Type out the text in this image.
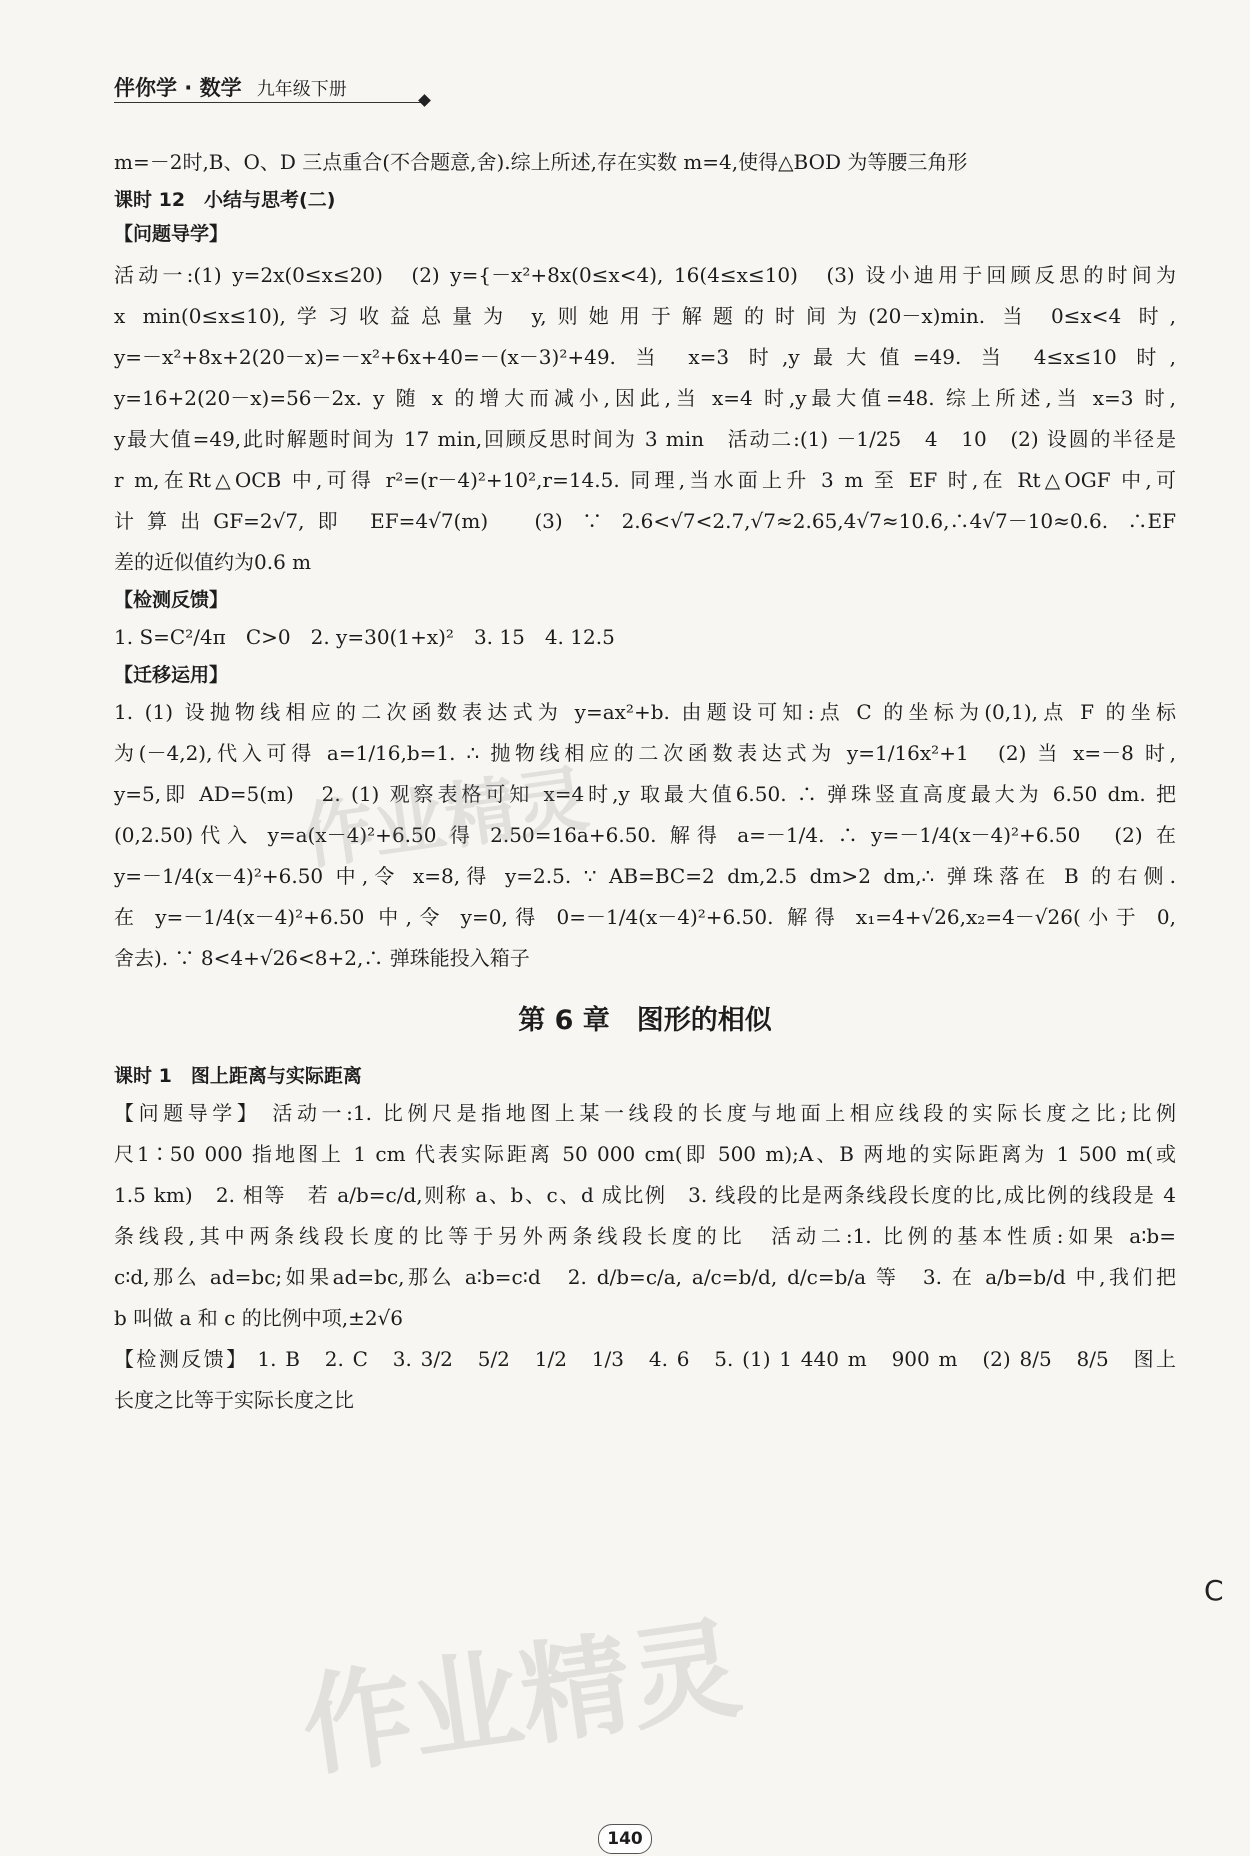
伴你学 · 数学 九年级下册

m=－2时,B、O、D 三点重合(不合题意,舍).综上所述,存在实数 m=4,使得△BOD 为等腰三角形

课时 12　小结与思考(二)

【问题导学】

活动一:(1) y=2x(0≤x≤20)　(2) y={－x²+8x(0≤x<4), 16(4≤x≤10)　(3) 设小迪用于回顾反思的时间为

x min(0≤x≤10),学习收益总量为 y,则她用于解题的时间为(20－x)min. 当 0≤x<4 时,

y=－x²+8x+2(20－x)=－x²+6x+40=－(x－3)²+49. 当 x=3 时,y最大值=49. 当 4≤x≤10 时,

y=16+2(20－x)=56－2x. y 随 x 的增大而减小,因此,当 x=4 时,y最大值=48. 综上所述,当 x=3 时,

y最大值=49,此时解题时间为 17 min,回顾反思时间为 3 min　活动二:(1) －1/25　4　10　(2) 设圆的半径是

r m,在Rt△OCB 中,可得 r²=(r－4)²+10²,r=14.5. 同理,当水面上升 3 m 至 EF 时,在 Rt△OGF 中,可

计算出GF=2√7,即 EF=4√7(m)　(3) ∵ 2.6<√7<2.7,√7≈2.65,4√7≈10.6,∴4√7－10≈0.6. ∴EF

差的近似值约为0.6 m

【检测反馈】

1. S=C²/4π　C>0　2. y=30(1+x)²　3. 15　4. 12.5

【迁移运用】

1. (1) 设抛物线相应的二次函数表达式为 y=ax²+b. 由题设可知:点 C 的坐标为(0,1),点 F 的坐标

为(－4,2),代入可得 a=1/16,b=1. ∴ 抛物线相应的二次函数表达式为 y=1/16x²+1　(2) 当 x=－8 时,

y=5,即 AD=5(m)　2. (1) 观察表格可知 x=4时,y 取最大值6.50. ∴ 弹珠竖直高度最大为 6.50 dm. 把

(0,2.50)代入 y=a(x－4)²+6.50 得 2.50=16a+6.50. 解得 a=－1/4. ∴ y=－1/4(x－4)²+6.50　(2) 在

y=－1/4(x－4)²+6.50 中,令 x=8,得 y=2.5. ∵ AB=BC=2 dm,2.5 dm>2 dm,∴ 弹珠落在 B 的右侧.

在 y=－1/4(x－4)²+6.50 中,令 y=0,得 0=－1/4(x－4)²+6.50. 解得 x₁=4+√26,x₂=4－√26(小于 0,

舍去). ∵ 8<4+√26<8+2,∴ 弹珠能投入箱子

第 6 章　图形的相似

课时 1　图上距离与实际距离

【问题导学】 活动一:1. 比例尺是指地图上某一线段的长度与地面上相应线段的实际长度之比;比例

尺1∶50 000 指地图上 1 cm 代表实际距离 50 000 cm(即 500 m);A、B 两地的实际距离为 1 500 m(或

1.5 km)　2. 相等　若 a/b=c/d,则称 a、b、c、d 成比例　3. 线段的比是两条线段长度的比,成比例的线段是 4

条线段,其中两条线段长度的比等于另外两条线段长度的比　活动二:1. 比例的基本性质:如果 a∶b=

c∶d,那么 ad=bc;如果ad=bc,那么 a∶b=c∶d　2. d/b=c/a, a/c=b/d, d/c=b/a 等　3. 在 a/b=b/d 中,我们把

b 叫做 a 和 c 的比例中项,±2√6

【检测反馈】 1. B　2. C　3. 3/2　5/2　1/2　1/3　4. 6　5. (1) 1 440 m　900 m　(2) 8/5　8/5　图上

长度之比等于实际长度之比

作业精灵
作业精灵
C
140
